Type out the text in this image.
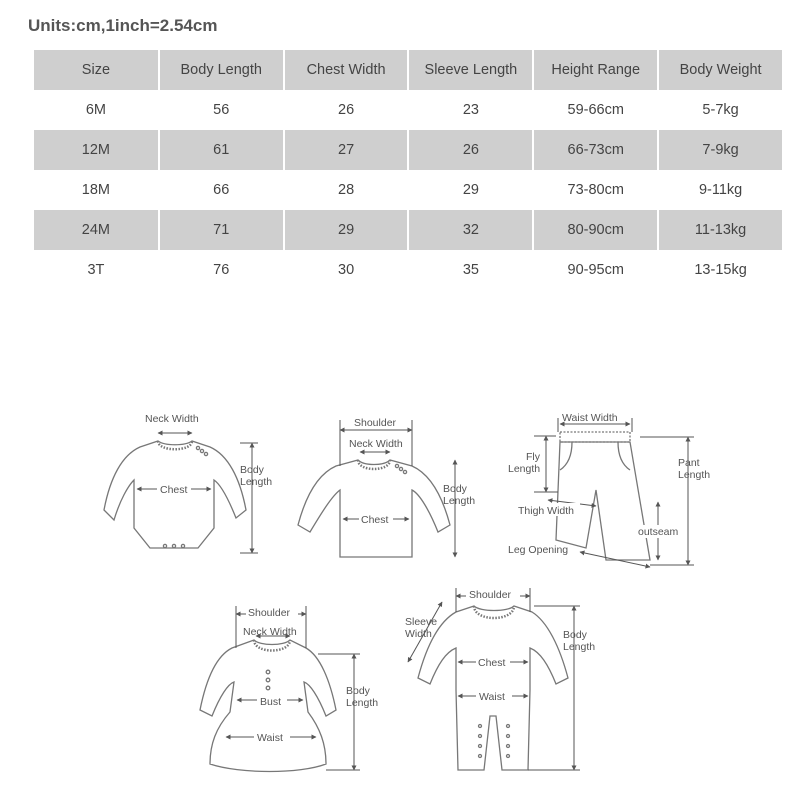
Units:cm,1inch=2.54cm
Size	Body Length	Chest Width	Sleeve Length	Height Range	Body Weight
6M	56	26	23	59-66cm	5-7kg
12M	61	27	26	66-73cm	7-9kg
18M	66	28	29	73-80cm	9-11kg
24M	71	29	32	80-90cm	11-13kg
3T	76	30	35	90-95cm	13-15kg
Neck Width
Chest
Body
Length
Shoulder
Neck Width
Chest
Body
Length
Waist Width
Fly
Length	Pant
Length
Thigh Width
outseam
Leg Opening
Shoulder
Neck Width
Bust
Waist
Body
Length
Shoulder
Sleeve
Width
Chest
Waist
Body
Length
